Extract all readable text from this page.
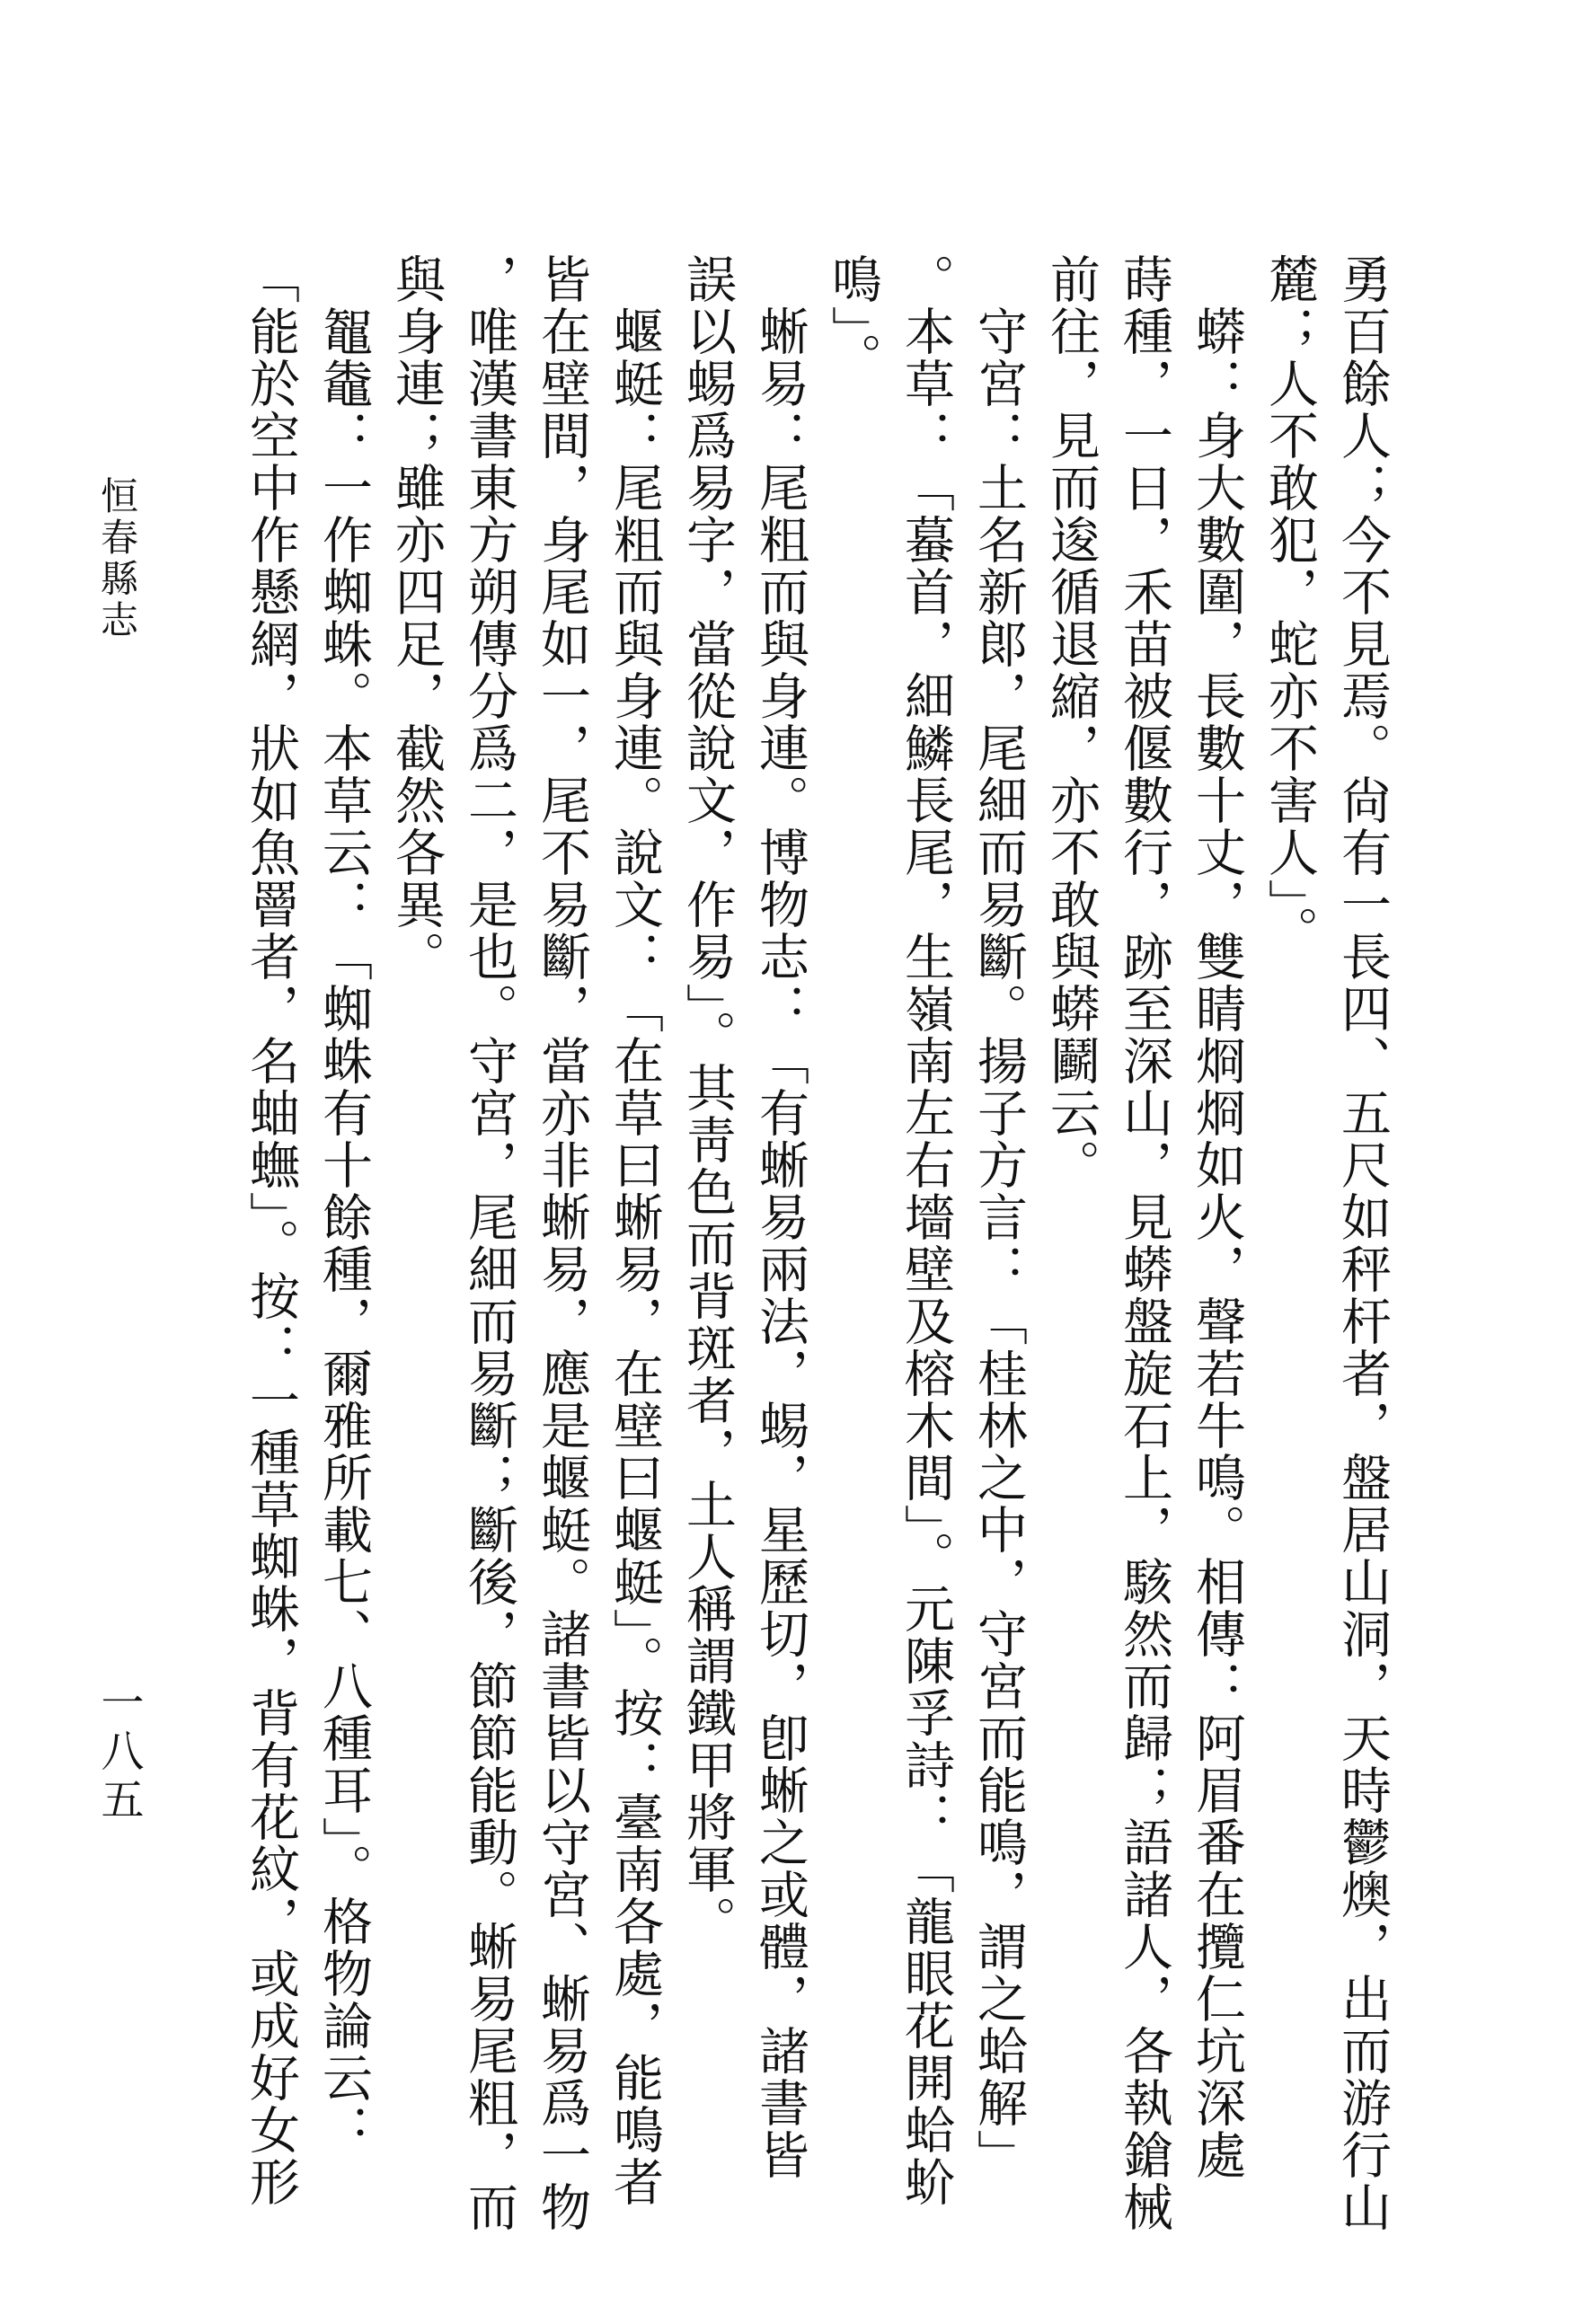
勇百餘人；今不見焉。尙有一長四、五尺如秤杆者，盤居山洞，天時鬱燠，出而游行山
麓；人不敢犯，蛇亦不害人」。
　蟒：身大數圍，長數十丈，雙睛烱烱如火，聲若牛鳴。相傳：阿眉番在攬仁坑深處
蒔種，一日，禾苗被偃數行，跡至深山，見蟒盤旋石上，駭然而歸；語諸人，各執鎗械
前往，見而逡循退縮，亦不敢與蟒鬬云。
　守宮：土名新郞，尾細而易斷。揚子方言：「桂林之中，守宮而能鳴，謂之蛤解」
。本草：「蟇首，細鱗長尾，生嶺南左右墻壁及榕木間」。元陳孚詩：「龍眼花開蛤蚧
鳴」。
　蜥易：尾粗而與身連。博物志：「有蜥易兩法，蜴，星歷切，卽蜥之或體，諸書皆
誤以蜴爲易字，當從說文，作易」。其靑色而背斑者，土人稱謂鐵甲將軍。
　蝘蜓：尾粗而與身連。說文：「在草曰蜥易，在壁曰蝘蜓」。按：臺南各處，能鳴者
皆在壁間，身尾如一，尾不易斷，當亦非蜥易，應是蝘蜓。諸書皆以守宮、蜥易爲一物
，唯漢書東方朔傳分爲二，是也。守宮，尾細而易斷；斷後，節節能動。蜥易尾粗，而
與身連；雖亦四足，截然各異。
　鼅鼄：一作蜘蛛。本草云：「蜘蛛有十餘種，爾雅所載七、八種耳」。格物論云：
「能於空中作懸網，狀如魚罾者，名蚰蟱」。按：一種草蜘蛛，背有花紋，或成好女形
恒春縣志
一八五
